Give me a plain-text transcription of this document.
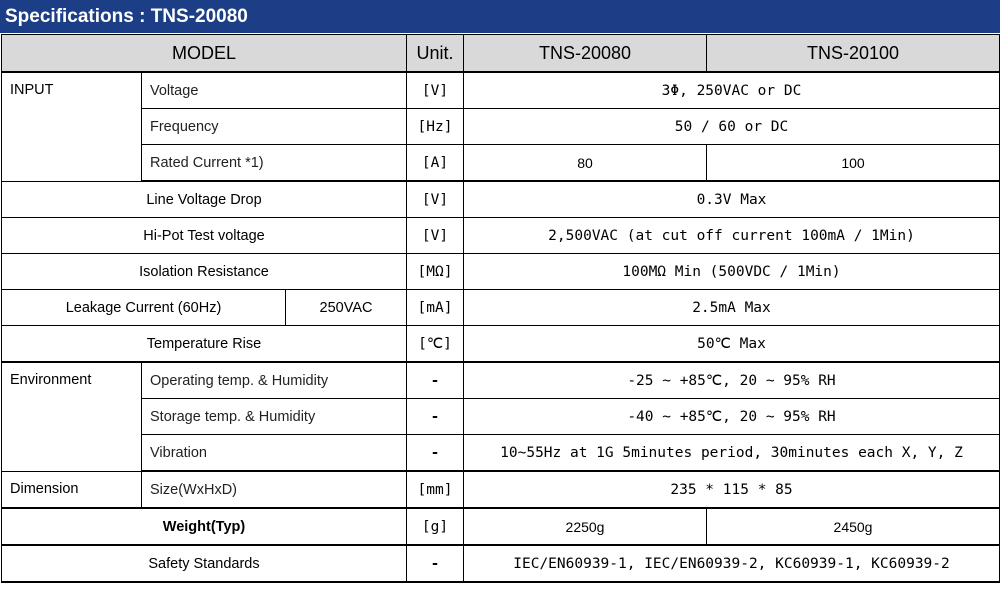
Specifications : TNS-20080
MODEL			Unit.	TNS-20080	TNS-20100
INPUT	Voltage		[V]	3Φ, 250VAC or DC	
	Frequency		[Hz]	50 / 60 or DC	
	Rated Current *1)		[A]	80	100
Line Voltage Drop			[V]	0.3V Max	
Hi-Pot Test voltage			[V]	2,500VAC (at cut off current 100mA / 1Min)	
Isolation Resistance			[MΩ]	100MΩ Min (500VDC / 1Min)	
Leakage Current (60Hz)		250VAC	[mA]	2.5mA Max	
Temperature Rise			[℃]	50℃ Max	
Environment	Operating temp. & Humidity		-	-25 ~ +85℃, 20 ~ 95% RH	
	Storage temp. & Humidity		-	-40 ~ +85℃, 20 ~ 95% RH	
	Vibration		-	10~55Hz at 1G 5minutes period, 30minutes each X, Y, Z	
Dimension	Size(WxHxD)		[mm]	235 * 115 * 85	
Weight(Typ)			[g]	2250g	2450g
Safety Standards			-	IEC/EN60939-1, IEC/EN60939-2, KC60939-1, KC60939-2	
